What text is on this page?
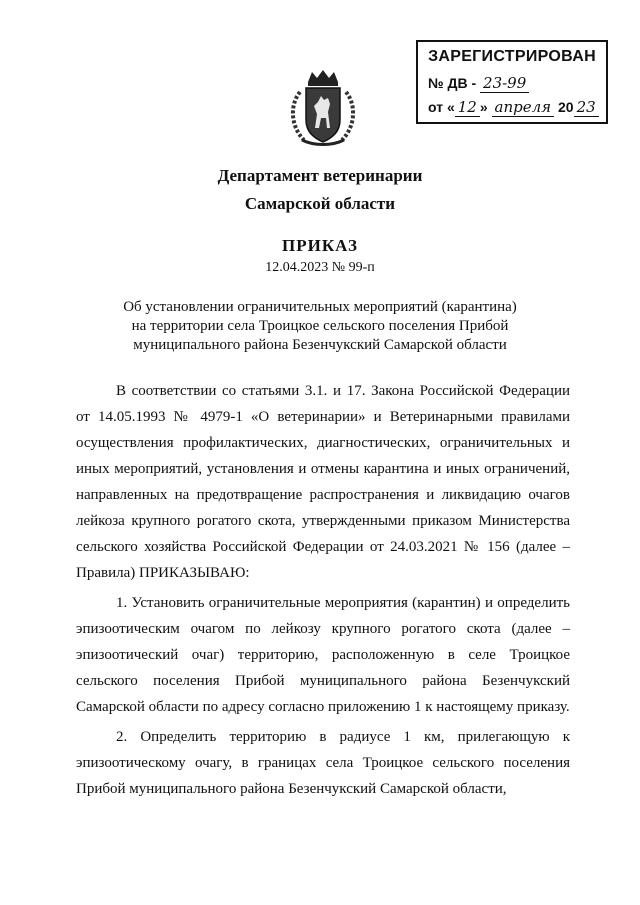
ЗАРЕГИСТРИРОВАН
№ ДВ - 23-99
от « 12 » апреля 20 23
Департамент ветеринарии
Самарской области
ПРИКАЗ
12.04.2023 № 99-п
Об установлении ограничительных мероприятий (карантина)
на территории села Троицкое сельского поселения Прибой
муниципального района Безенчукский Самарской области

В соответствии со статьями 3.1. и 17. Закона Российской Федерации от 14.05.1993 № 4979-1 «О ветеринарии» и Ветеринарными правилами осуществления профилактических, диагностических, ограничительных и иных мероприятий, установления и отмены карантина и иных ограничений, направленных на предотвращение распространения и ликвидацию очагов лейкоза крупного рогатого скота, утвержденными приказом Министерства сельского хозяйства Российской Федерации от 24.03.2021 № 156 (далее – Правила) ПРИКАЗЫВАЮ:

1. Установить ограничительные мероприятия (карантин) и определить эпизоотическим очагом по лейкозу крупного рогатого скота (далее – эпизоотический очаг) территорию, расположенную в селе Троицкое сельского поселения Прибой муниципального района Безенчукский Самарской области по адресу согласно приложению 1 к настоящему приказу.

2. Определить территорию в радиусе 1 км, прилегающую к эпизоотическому очагу, в границах села Троицкое сельского поселения Прибой муниципального района Безенчукский Самарской области,
